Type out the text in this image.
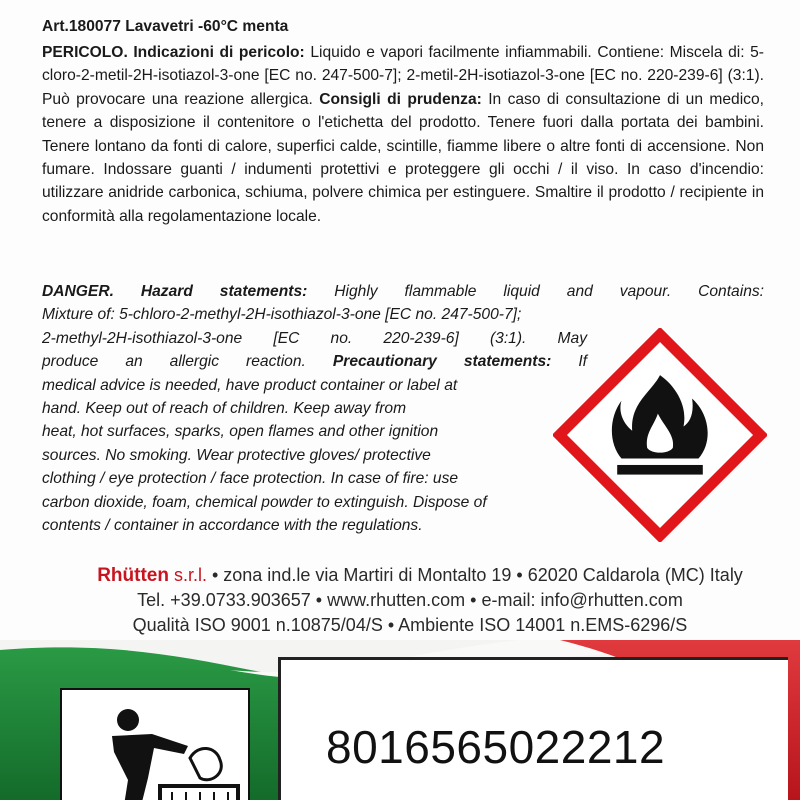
Art.180077 Lavavetri -60°C menta

PERICOLO. Indicazioni di pericolo: Liquido e vapori facilmente infiammabili. Contiene: Miscela di: 5-cloro-2-metil-2H-isotiazol-3-one [EC no. 247-500-7]; 2-metil-2H-isotiazol-3-one [EC no. 220-239-6] (3:1). Può provocare una reazione allergica. Consigli di prudenza: In caso di consultazione di un medico, tenere a disposizione il contenitore o l'etichetta del prodotto. Tenere fuori dalla portata dei bambini. Tenere lontano da fonti di calore, superfici calde, scintille, fiamme libere o altre fonti di accensione. Non fumare. Indossare guanti / indumenti protettivi e proteggere gli occhi / il viso. In caso d'incendio: utilizzare anidride carbonica, schiuma, polvere chimica per estinguere. Smaltire il prodotto / recipiente in conformità alla regolamentazione locale.

DANGER. Hazard statements: Highly flammable liquid and vapour. Contains:
Mixture of: 5-chloro-2-methyl-2H-isothiazol-3-one [EC no. 247-500-7];
2-methyl-2H-isothiazol-3-one [EC no. 220-239-6] (3:1). May
produce an allergic reaction. Precautionary statements: If
medical advice is needed, have product container or label at
hand. Keep out of reach of children. Keep away from
heat, hot surfaces, sparks, open flames and other ignition
sources. No smoking. Wear protective gloves/ protective
clothing / eye protection / face protection. In case of fire: use
carbon dioxide, foam, chemical powder to extinguish. Dispose of
contents / container in accordance with the regulations.
Rhütten s.r.l. • zona ind.le via Martiri di Montalto 19 • 62020 Caldarola (MC) Italy
Tel. +39.0733.903657 • www.rhutten.com • e-mail: info@rhutten.com
Qualità ISO 9001 n.10875/04/S • Ambiente ISO 14001 n.EMS-6296/S
8016565022212
